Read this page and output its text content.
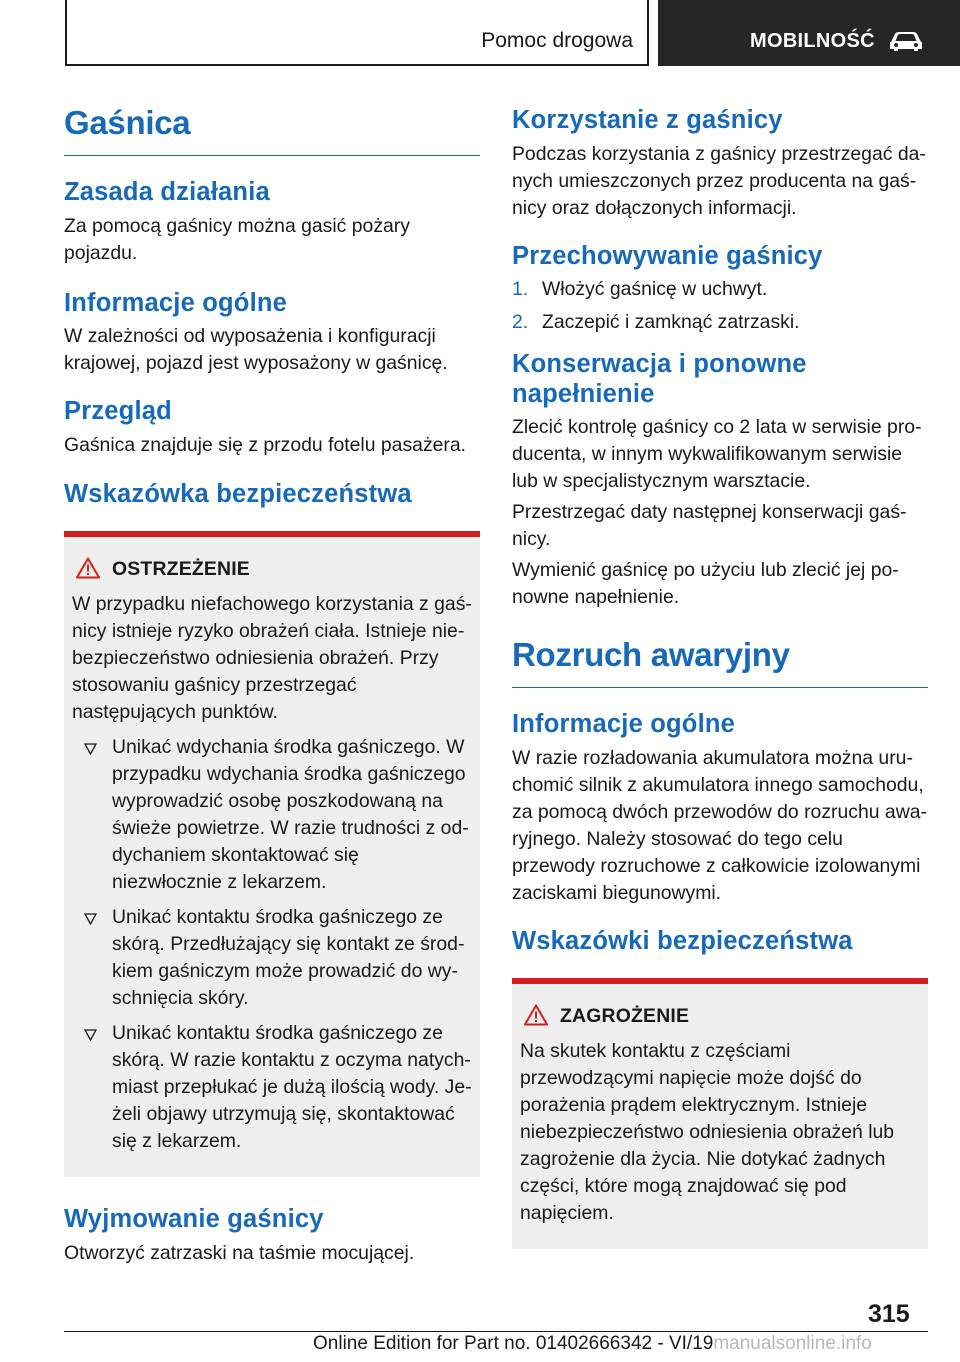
Pomoc drogowa	MOBILNOŚĆ
Gaśnica
Zasada działania

Za pomocą gaśnicy można gasić pożary pojazdu.

Informacje ogólne

W zależności od wyposażenia i konfiguracji krajowej, pojazd jest wyposażony w gaśnicę.

Przegląd

Gaśnica znajduje się z przodu fotelu pasażera.

Wskazówka bezpieczeństwa
OSTRZEŻENIE

W przypadku niefachowego korzystania z gaśnicy istnieje ryzyko obrażeń ciała. Istnieje niebezpieczeństwo odniesienia obrażeń. Przy stosowaniu gaśnicy przestrzegać następujących punktów.

Unikać wdychania środka gaśniczego. W przypadku wdychania środka gaśniczego wyprowadzić osobę poszkodowaną na świeże powietrze. W razie trudności z oddychaniem skontaktować się niezwłocznie z lekarzem.
Unikać kontaktu środka gaśniczego ze skórą. Przedłużający się kontakt ze środkiem gaśniczym może prowadzić do wyschnięcia skóry.
Unikać kontaktu środka gaśniczego ze skórą. W razie kontaktu z oczyma natychmiast przepłukać je dużą ilością wody. Jeżeli objawy utrzymują się, skontaktować się z lekarzem.
Wyjmowanie gaśnicy

Otworzyć zatrzaski na taśmie mocującej.

Korzystanie z gaśnicy

Podczas korzystania z gaśnicy przestrzegać danych umieszczonych przez producenta na gaśnicy oraz dołączonych informacji.

Przechowywanie gaśnicy
1. Włożyć gaśnicę w uchwyt.
2. Zaczepić i zamknąć zatrzaski.
Konserwacja i ponowne napełnienie

Zlecić kontrolę gaśnicy co 2 lata w serwisie producenta, w innym wykwalifikowanym serwisie lub w specjalistycznym warsztacie.

Przestrzegać daty następnej konserwacji gaśnicy.

Wymienić gaśnicę po użyciu lub zlecić jej ponowne napełnienie.

Rozruch awaryjny
Informacje ogólne

W razie rozładowania akumulatora można uruchomić silnik z akumulatora innego samochodu, za pomocą dwóch przewodów do rozruchu awaryjnego. Należy stosować do tego celu przewody rozruchowe z całkowicie izolowanymi zaciskami biegunowymi.

Wskazówki bezpieczeństwa
ZAGROŻENIE

Na skutek kontaktu z częściami przewodzącymi napięcie może dojść do porażenia prądem elektrycznym. Istnieje niebezpieczeństwo odniesienia obrażeń lub zagrożenie dla życia. Nie dotykać żadnych części, które mogą znajdować się pod napięciem.

315
Online Edition for Part no. 01402666342 - VI/19manualsonline.info
